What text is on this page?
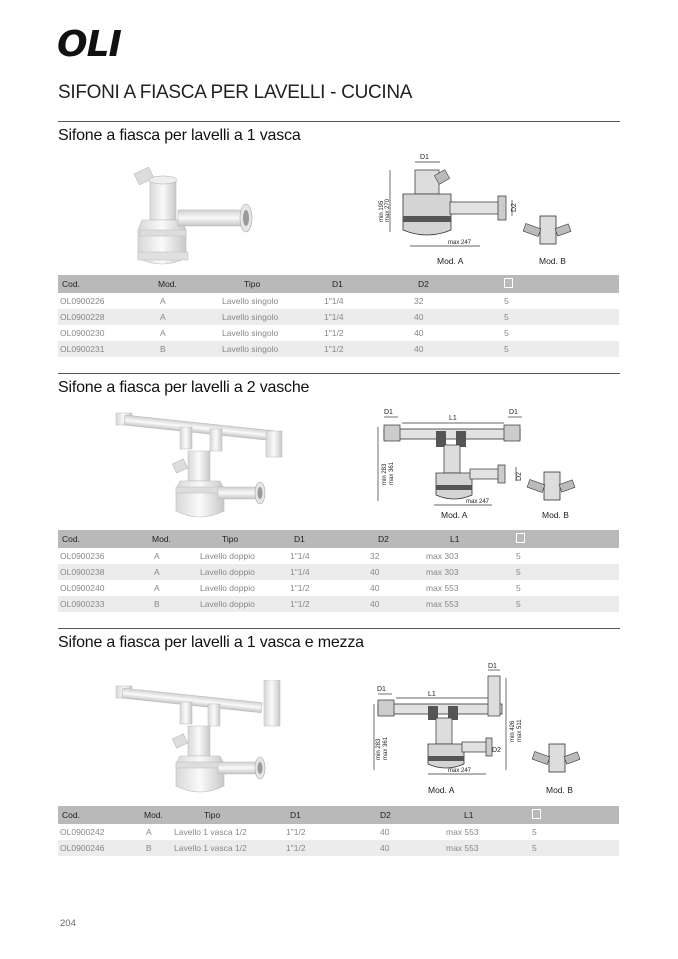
OLI
SIFONI A FIASCA PER LAVELLI - CUCINA
Sifone a fiasca per lavelli a 1 vasca
D1
D2
min 195 max 270
max 247
Mod. A	Mod. B
Cod.	Mod.	Tipo	D1	D2	
OL0900226	A	Lavello singolo	1"1/4	32	5
OL0900228	A	Lavello singolo	1"1/4	40	5
OL0900230	A	Lavello singolo	1"1/2	40	5
OL0900231	B	Lavello singolo	1"1/2	40	5
Sifone a fiasca per lavelli a 2 vasche
D1	D1
L1
D2
min 283 max 361
max 247
Mod. A	Mod. B
Cod.	Mod.	Tipo	D1	D2	L1	
OL0900236	A	Lavello doppio	1"1/4	32	max 303	5
OL0900238	A	Lavello doppio	1"1/4	40	max 303	5
OL0900240	A	Lavello doppio	1"1/2	40	max 553	5
OL0900233	B	Lavello doppio	1"1/2	40	max 553	5
Sifone a fiasca per lavelli a 1 vasca e mezza
D1
D1
L1
D2
min 283 max 361
min 426 max 511
max 247
Mod. A	Mod. B
Cod.	Mod.	Tipo	D1	D2	L1	
OL0900242	A	Lavello 1 vasca 1/2	1"1/2	40	max 553	5
OL0900246	B	Lavello 1 vasca 1/2	1"1/2	40	max 553	5
204
